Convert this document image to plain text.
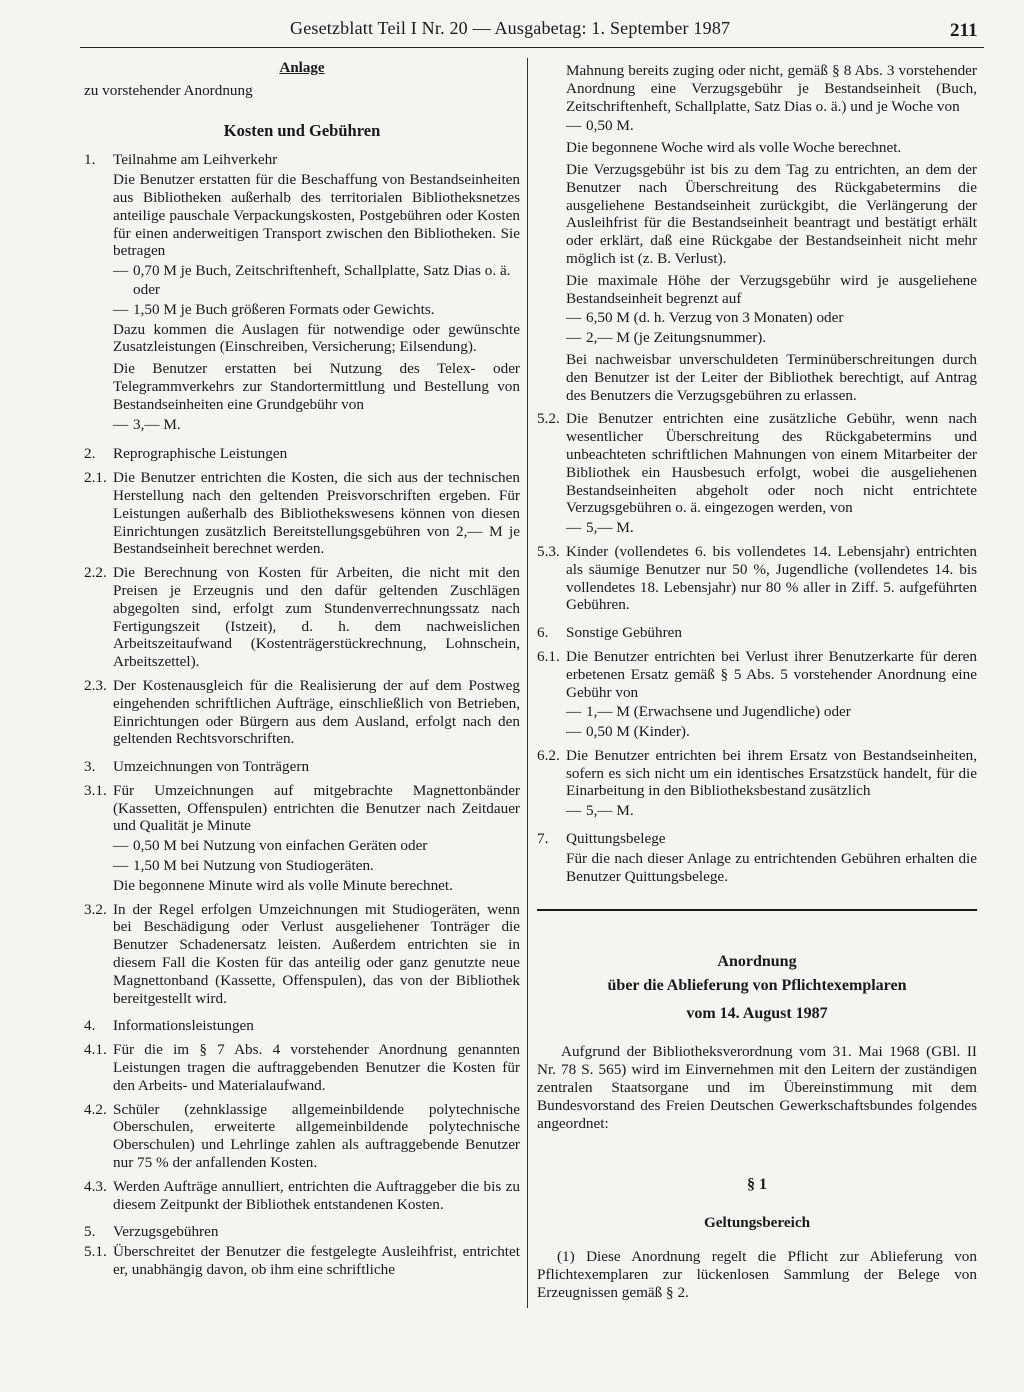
Gesetzblatt Teil I Nr. 20 — Ausgabetag: 1. September 1987	211
Anlage
zu vorstehender Anordnung
Kosten und Gebühren
1.	Teilnahme am Leihverkehr
Die Benutzer erstatten für die Beschaffung von Bestandseinheiten aus Bibliotheken außerhalb des territorialen Bibliotheksnetzes anteilige pauschale Verpackungskosten, Postgebühren oder Kosten für einen anderweitigen Transport zwischen den Bibliotheken. Sie betragen
— 0,70 M je Buch, Zeitschriftenheft, Schallplatte, Satz Dias o. ä.
oder
— 1,50 M je Buch größeren Formats oder Gewichts.
Dazu kommen die Auslagen für notwendige oder gewünschte Zusatzleistungen (Einschreiben, Versicherung; Eilsendung).
Die Benutzer erstatten bei Nutzung des Telex- oder Telegrammverkehrs zur Standortermittlung und Bestellung von Bestandseinheiten eine Grundgebühr von
— 3,— M.
2.	Reprographische Leistungen
2.1. Die Benutzer entrichten die Kosten, die sich aus der technischen Herstellung nach den geltenden Preisvorschriften ergeben. Für Leistungen außerhalb des Bibliothekswesens können von diesen Einrichtungen zusätzlich Bereitstellungsgebühren von 2,— M je Bestandseinheit berechnet werden.
2.2. Die Berechnung von Kosten für Arbeiten, die nicht mit den Preisen je Erzeugnis und den dafür geltenden Zuschlägen abgegolten sind, erfolgt zum Stundenverrechnungssatz nach Fertigungszeit (Istzeit), d. h. dem nachweislichen Arbeitszeitaufwand (Kostenträgerstückrechnung, Lohnschein, Arbeitszettel).
2.3. Der Kostenausgleich für die Realisierung der auf dem Postweg eingehenden schriftlichen Aufträge, einschließlich von Betrieben, Einrichtungen oder Bürgern aus dem Ausland, erfolgt nach den geltenden Rechtsvorschriften.
3.	Umzeichnungen von Tonträgern
3.1. Für Umzeichnungen auf mitgebrachte Magnettonbänder (Kassetten, Offenspulen) entrichten die Benutzer nach Zeitdauer und Qualität je Minute
— 0,50 M bei Nutzung von einfachen Geräten oder
— 1,50 M bei Nutzung von Studiogeräten.
Die begonnene Minute wird als volle Minute berechnet.
3.2. In der Regel erfolgen Umzeichnungen mit Studiogeräten, wenn bei Beschädigung oder Verlust ausgeliehener Tonträger die Benutzer Schadenersatz leisten. Außerdem entrichten sie in diesem Fall die Kosten für das anteilig oder ganz genutzte neue Magnettonband (Kassette, Offenspulen), das von der Bibliothek bereitgestellt wird.
4.	Informationsleistungen
4.1. Für die im § 7 Abs. 4 vorstehender Anordnung genannten Leistungen tragen die auftraggebenden Benutzer die Kosten für den Arbeits- und Materialaufwand.
4.2. Schüler (zehnklassige allgemeinbildende polytechnische Oberschulen, erweiterte allgemeinbildende polytechnische Oberschulen) und Lehrlinge zahlen als auftraggebende Benutzer nur 75 % der anfallenden Kosten.
4.3. Werden Aufträge annulliert, entrichten die Auftraggeber die bis zu diesem Zeitpunkt der Bibliothek entstandenen Kosten.
5.	Verzugsgebühren
5.1. Überschreitet der Benutzer die festgelegte Ausleihfrist, entrichtet er, unabhängig davon, ob ihm eine schriftliche
Mahnung bereits zuging oder nicht, gemäß § 8 Abs. 3 vorstehender Anordnung eine Verzugsgebühr je Bestandseinheit (Buch, Zeitschriftenheft, Schallplatte, Satz Dias o. ä.) und je Woche von
— 0,50 M.
Die begonnene Woche wird als volle Woche berechnet.
Die Verzugsgebühr ist bis zu dem Tag zu entrichten, an dem der Benutzer nach Überschreitung des Rückgabetermins die ausgeliehene Bestandseinheit zurückgibt, die Verlängerung der Ausleihfrist für die Bestandseinheit beantragt und bestätigt erhält oder erklärt, daß eine Rückgabe der Bestandseinheit nicht mehr möglich ist (z. B. Verlust).
Die maximale Höhe der Verzugsgebühr wird je ausgeliehene Bestandseinheit begrenzt auf
— 6,50 M (d. h. Verzug von 3 Monaten) oder
— 2,— M (je Zeitungsnummer).
Bei nachweisbar unverschuldeten Terminüberschreitungen durch den Benutzer ist der Leiter der Bibliothek berechtigt, auf Antrag des Benutzers die Verzugsgebühren zu erlassen.
5.2. Die Benutzer entrichten eine zusätzliche Gebühr, wenn nach wesentlicher Überschreitung des Rückgabetermins und unbeachteten schriftlichen Mahnungen von einem Mitarbeiter der Bibliothek ein Hausbesuch erfolgt, wobei die ausgeliehenen Bestandseinheiten abgeholt oder noch nicht entrichtete Verzugsgebühren o. ä. eingezogen werden, von
— 5,— M.
5.3. Kinder (vollendetes 6. bis vollendetes 14. Lebensjahr) entrichten als säumige Benutzer nur 50 %, Jugendliche (vollendetes 14. bis vollendetes 18. Lebensjahr) nur 80 % aller in Ziff. 5. aufgeführten Gebühren.
6.	Sonstige Gebühren
6.1. Die Benutzer entrichten bei Verlust ihrer Benutzerkarte für deren erbetenen Ersatz gemäß § 5 Abs. 5 vorstehender Anordnung eine Gebühr von
— 1,— M (Erwachsene und Jugendliche) oder
— 0,50 M (Kinder).
6.2. Die Benutzer entrichten bei ihrem Ersatz von Bestandseinheiten, sofern es sich nicht um ein identisches Ersatzstück handelt, für die Einarbeitung in den Bibliotheksbestand zusätzlich
— 5,— M.
7.	Quittungsbelege
Für die nach dieser Anlage zu entrichtenden Gebühren erhalten die Benutzer Quittungsbelege.
Anordnung
über die Ablieferung von Pflichtexemplaren
vom 14. August 1987
Aufgrund der Bibliotheksverordnung vom 31. Mai 1968 (GBl. II Nr. 78 S. 565) wird im Einvernehmen mit den Leitern der zuständigen zentralen Staatsorgane und im Übereinstimmung mit dem Bundesvorstand des Freien Deutschen Gewerkschaftsbundes folgendes angeordnet:
§ 1
Geltungsbereich
(1) Diese Anordnung regelt die Pflicht zur Ablieferung von Pflichtexemplaren zur lückenlosen Sammlung der Belege von Erzeugnissen gemäß § 2.
